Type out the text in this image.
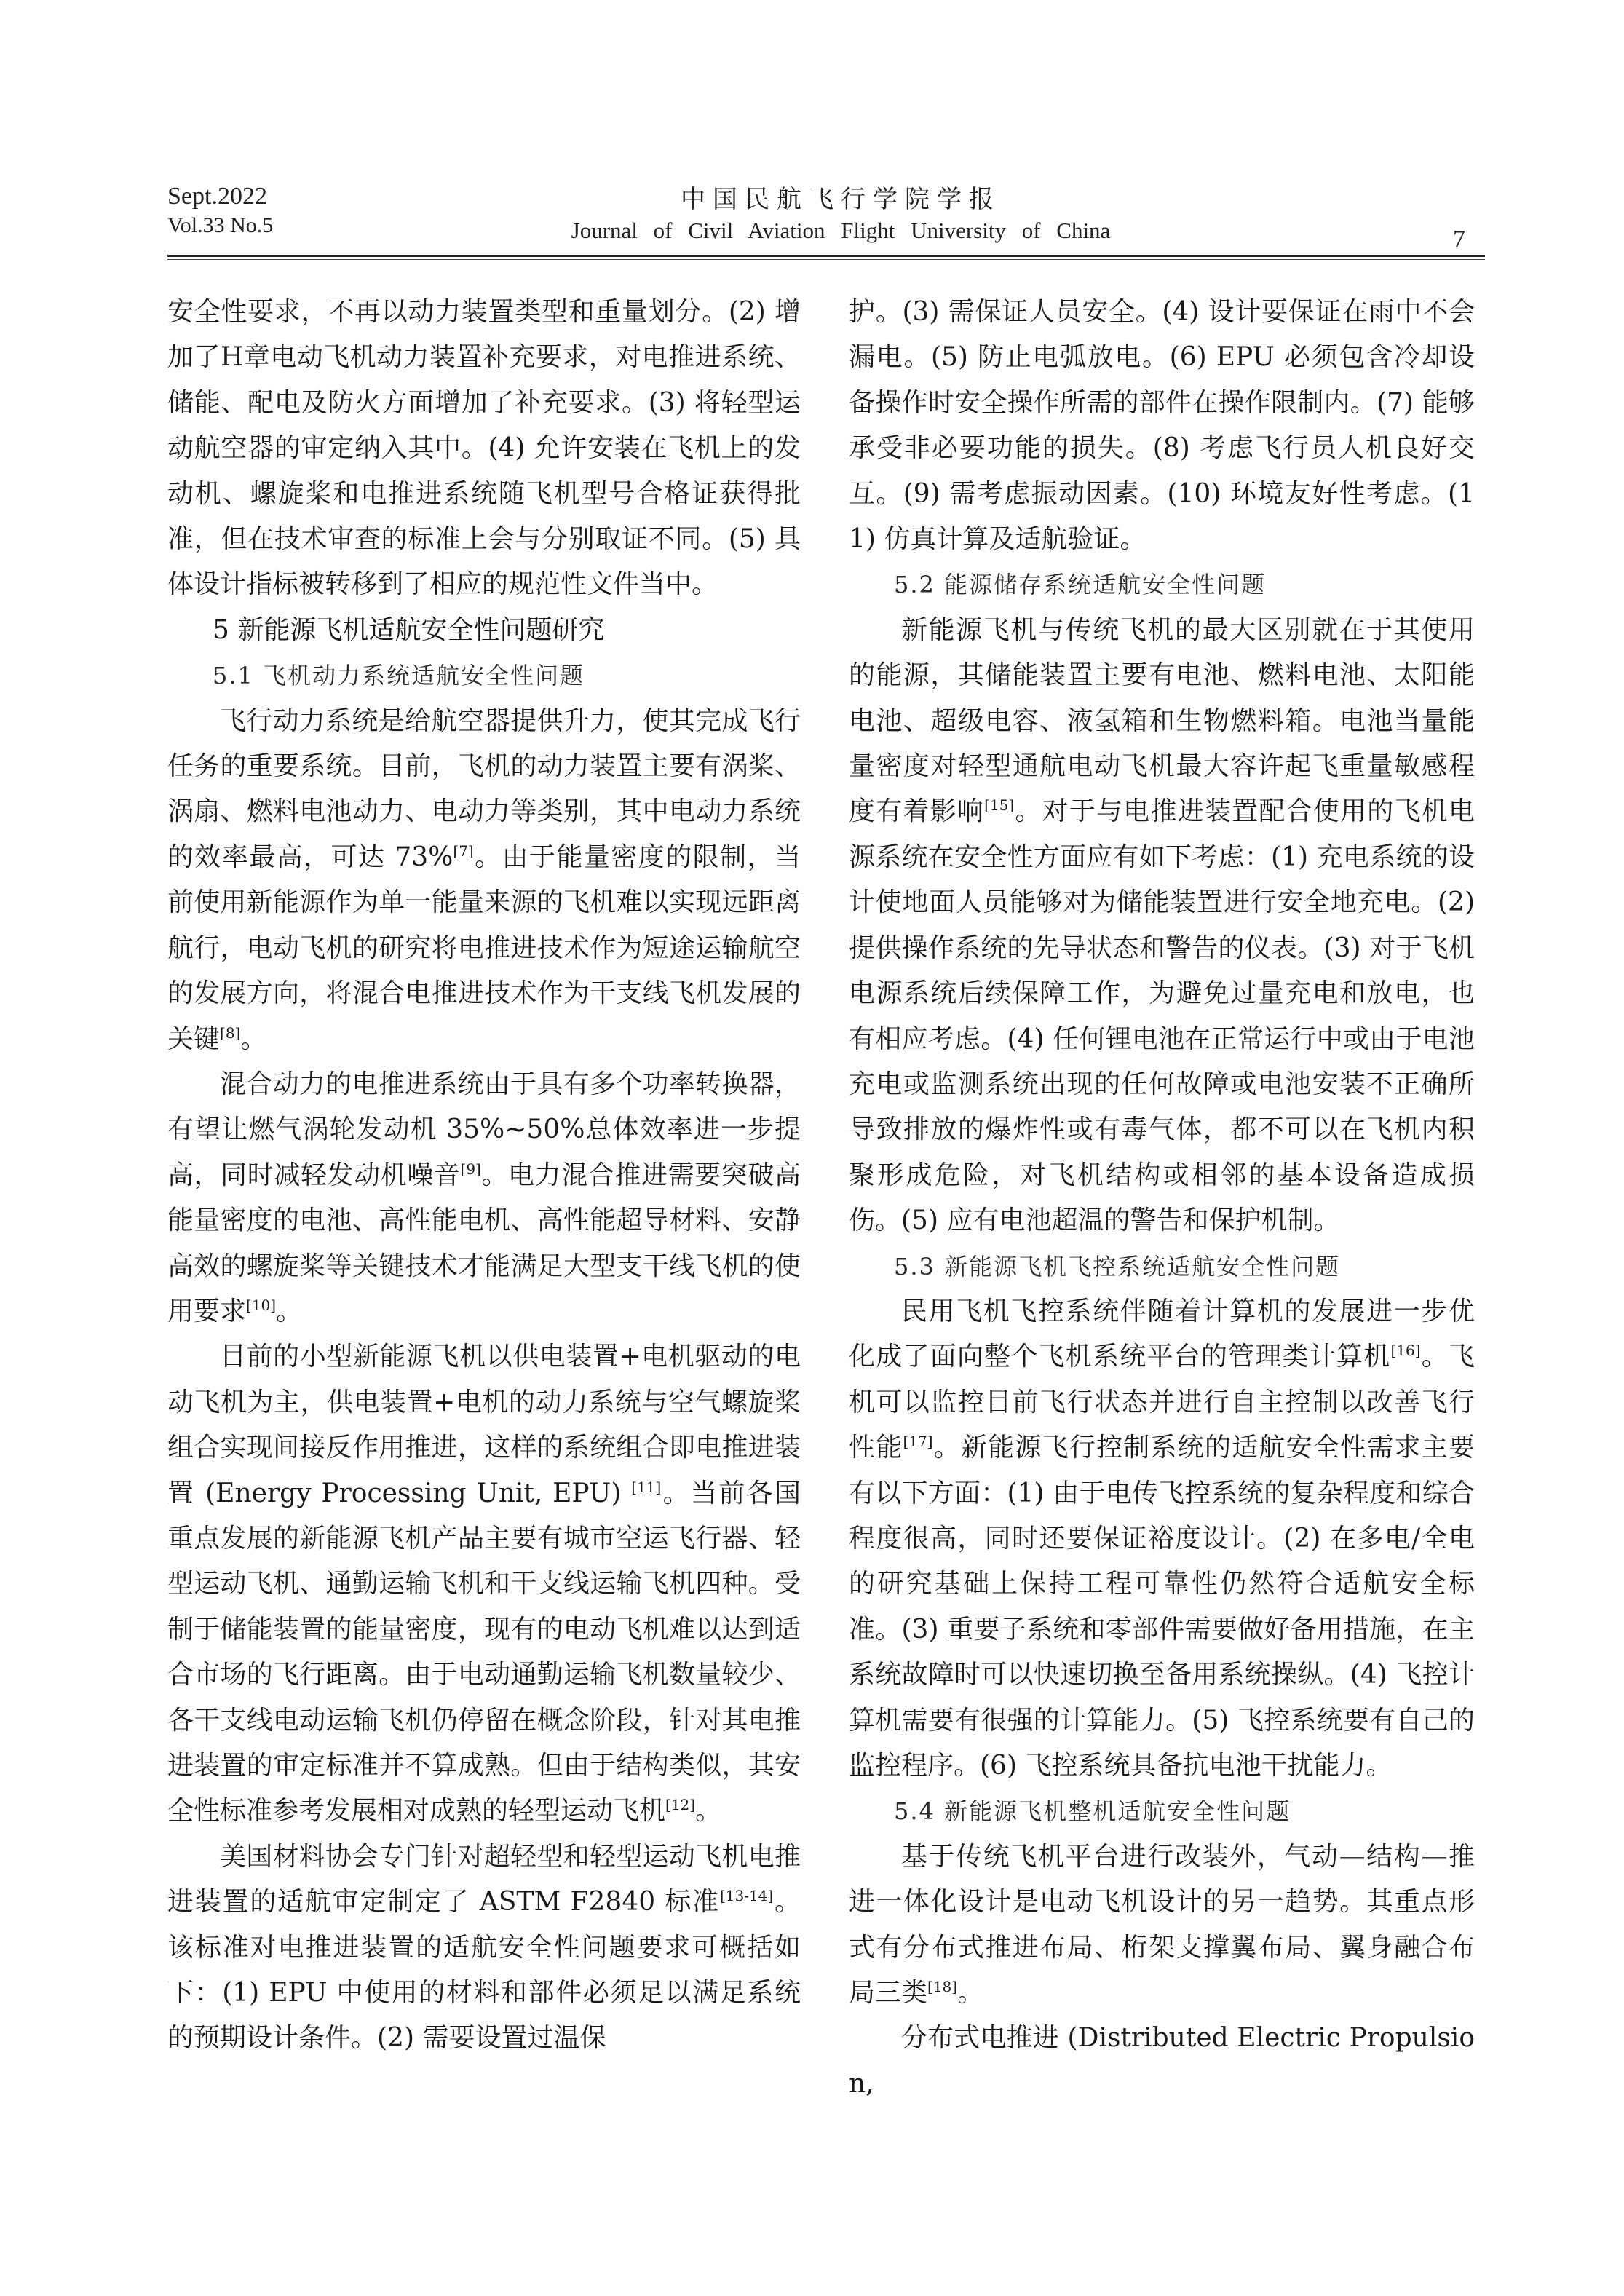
Sept.2022
Vol.33 No.5
中国民航飞行学院学报
Journal of Civil Aviation Flight University of China	7

安全性要求，不再以动力装置类型和重量划分。(2) 增加了H章电动飞机动力装置补充要求，对电推进系统、储能、配电及防火方面增加了补充要求。(3) 将轻型运动航空器的审定纳入其中。(4) 允许安装在飞机上的发动机、螺旋桨和电推进系统随飞机型号合格证获得批准，但在技术审查的标准上会与分别取证不同。(5) 具体设计指标被转移到了相应的规范性文件当中。

5 新能源飞机适航安全性问题研究
5.1 飞机动力系统适航安全性问题

飞行动力系统是给航空器提供升力，使其完成飞行任务的重要系统。目前，飞机的动力装置主要有涡桨、涡扇、燃料电池动力、电动力等类别，其中电动力系统的效率最高，可达 73%[7]。由于能量密度的限制，当前使用新能源作为单一能量来源的飞机难以实现远距离航行，电动飞机的研究将电推进技术作为短途运输航空的发展方向，将混合电推进技术作为干支线飞机发展的关键[8]。

混合动力的电推进系统由于具有多个功率转换器，有望让燃气涡轮发动机 35%~50%总体效率进一步提高，同时减轻发动机噪音[9]。电力混合推进需要突破高能量密度的电池、高性能电机、高性能超导材料、安静高效的螺旋桨等关键技术才能满足大型支干线飞机的使用要求[10]。

目前的小型新能源飞机以供电装置+电机驱动的电动飞机为主，供电装置+电机的动力系统与空气螺旋桨组合实现间接反作用推进，这样的系统组合即电推进装置 (Energy Processing Unit, EPU) [11]。当前各国重点发展的新能源飞机产品主要有城市空运飞行器、轻型运动飞机、通勤运输飞机和干支线运输飞机四种。受制于储能装置的能量密度，现有的电动飞机难以达到适合市场的飞行距离。由于电动通勤运输飞机数量较少、各干支线电动运输飞机仍停留在概念阶段，针对其电推进装置的审定标准并不算成熟。但由于结构类似，其安全性标准参考发展相对成熟的轻型运动飞机[12]。

美国材料协会专门针对超轻型和轻型运动飞机电推进装置的适航审定制定了 ASTM F2840 标准[13-14]。该标准对电推进装置的适航安全性问题要求可概括如下：(1) EPU 中使用的材料和部件必须足以满足系统的预期设计条件。(2) 需要设置过温保

护。(3) 需保证人员安全。(4) 设计要保证在雨中不会漏电。(5) 防止电弧放电。(6) EPU 必须包含冷却设备操作时安全操作所需的部件在操作限制内。(7) 能够承受非必要功能的损失。(8) 考虑飞行员人机良好交互。(9) 需考虑振动因素。(10) 环境友好性考虑。(11) 仿真计算及适航验证。

5.2 能源储存系统适航安全性问题

新能源飞机与传统飞机的最大区别就在于其使用的能源，其储能装置主要有电池、燃料电池、太阳能电池、超级电容、液氢箱和生物燃料箱。电池当量能量密度对轻型通航电动飞机最大容许起飞重量敏感程度有着影响[15]。对于与电推进装置配合使用的飞机电源系统在安全性方面应有如下考虑：(1) 充电系统的设计使地面人员能够对为储能装置进行安全地充电。(2) 提供操作系统的先导状态和警告的仪表。(3) 对于飞机电源系统后续保障工作，为避免过量充电和放电，也有相应考虑。(4) 任何锂电池在正常运行中或由于电池充电或监测系统出现的任何故障或电池安装不正确所导致排放的爆炸性或有毒气体，都不可以在飞机内积聚形成危险，对飞机结构或相邻的基本设备造成损伤。(5) 应有电池超温的警告和保护机制。

5.3 新能源飞机飞控系统适航安全性问题

民用飞机飞控系统伴随着计算机的发展进一步优化成了面向整个飞机系统平台的管理类计算机[16]。飞机可以监控目前飞行状态并进行自主控制以改善飞行性能[17]。新能源飞行控制系统的适航安全性需求主要有以下方面：(1) 由于电传飞控系统的复杂程度和综合程度很高，同时还要保证裕度设计。(2) 在多电/全电的研究基础上保持工程可靠性仍然符合适航安全标准。(3) 重要子系统和零部件需要做好备用措施，在主系统故障时可以快速切换至备用系统操纵。(4) 飞控计算机需要有很强的计算能力。(5) 飞控系统要有自己的监控程序。(6) 飞控系统具备抗电池干扰能力。

5.4 新能源飞机整机适航安全性问题

基于传统飞机平台进行改装外，气动—结构—推进一体化设计是电动飞机设计的另一趋势。其重点形式有分布式推进布局、桁架支撑翼布局、翼身融合布局三类[18]。

分布式电推进 (Distributed Electric Propulsion,
